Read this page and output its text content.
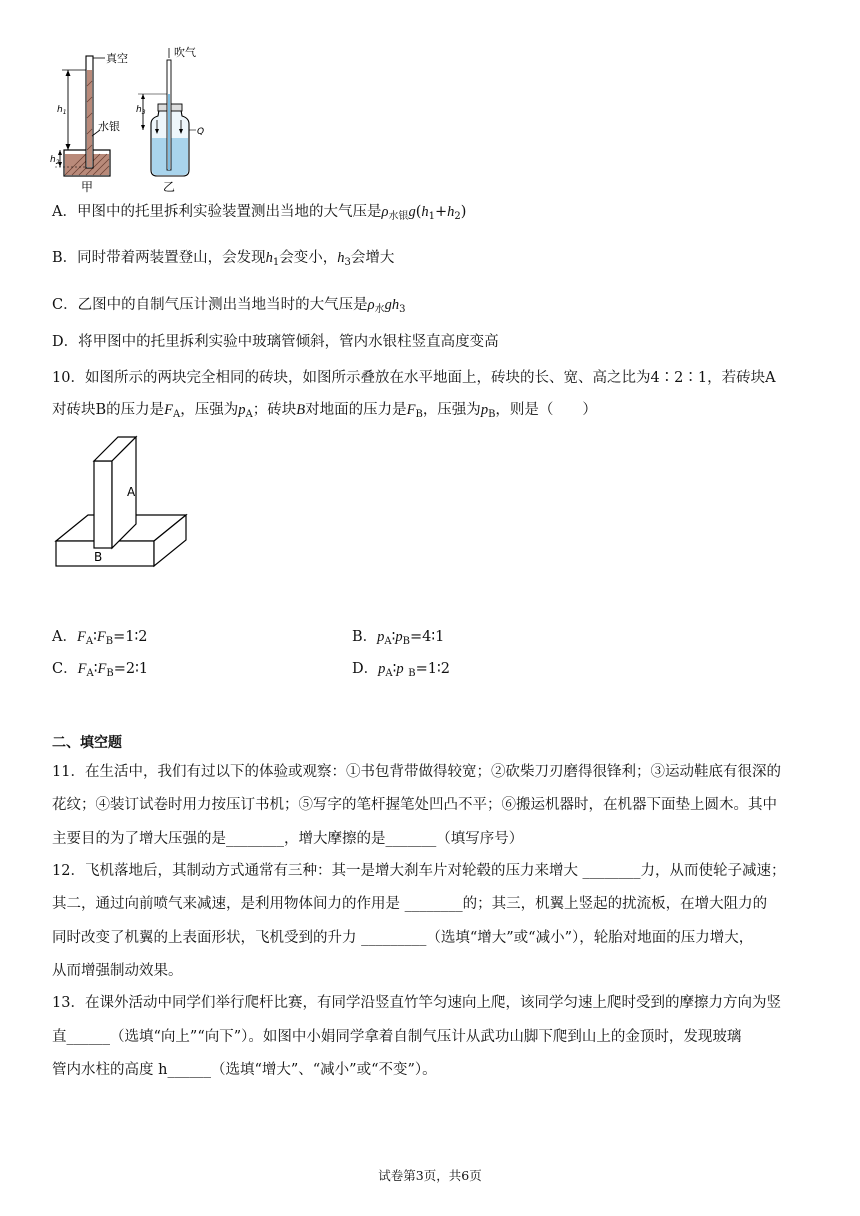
真空
水银
$h_1$
$h_2$
甲
吹气
$h_3$
Q
乙
A．甲图中的托里拆利实验装置测出当地的大气压是$\rho_{水银}g(h_1+h_2)$
B．同时带着两装置登山，会发现$h_1$会变小，$h_3$会增大
C．乙图中的自制气压计测出当地当时的大气压是$\rho_水gh_3$
D．将甲图中的托里拆利实验中玻璃管倾斜，管内水银柱竖直高度变高
10．如图所示的两块完全相同的砖块，如图所示叠放在水平地面上，砖块的长、宽、高之比为4∶2∶1，若砖块A
对砖块B的压力是$F_A$，压强为$p_A$；砖块B对地面的压力是$F_B$，压强为$p_B$，则是（　　）
A
B
A．$F_A∶F_B=1∶2$	B．$p_A∶p_B=4∶1$
C．$F_A∶F_B=2∶1$	D．$p_A∶p$ $_B$=1∶2
二、填空题
11．在生活中，我们有过以下的体验或观察：①书包背带做得较宽；②砍柴刀刃磨得很锋利；③运动鞋底有很深的
花纹；④装订试卷时用力按压订书机；⑤写字的笔杆握笔处凹凸不平；⑥搬运机器时，在机器下面垫上圆木。其中
主要目的为了增大压强的是________，增大摩擦的是_______（填写序号）
12．飞机落地后，其制动方式通常有三种：其一是增大刹车片对轮毂的压力来增大 ________力，从而使轮子减速；
其二，通过向前喷气来减速，是利用物体间力的作用是 ________的；其三，机翼上竖起的扰流板，在增大阻力的
同时改变了机翼的上表面形状，飞机受到的升力 _________（选填“增大”或“减小”），轮胎对地面的压力增大，
从而增强制动效果。
13．在课外活动中同学们举行爬杆比赛，有同学沿竖直竹竿匀速向上爬，该同学匀速上爬时受到的摩擦力方向为竖
直______（选填“向上”“向下”）。如图中小娟同学拿着自制气压计从武功山脚下爬到山上的金顶时，发现玻璃
管内水柱的高度 h______（选填“增大”、“减小”或“不变”）。
试卷第3页，共6页
